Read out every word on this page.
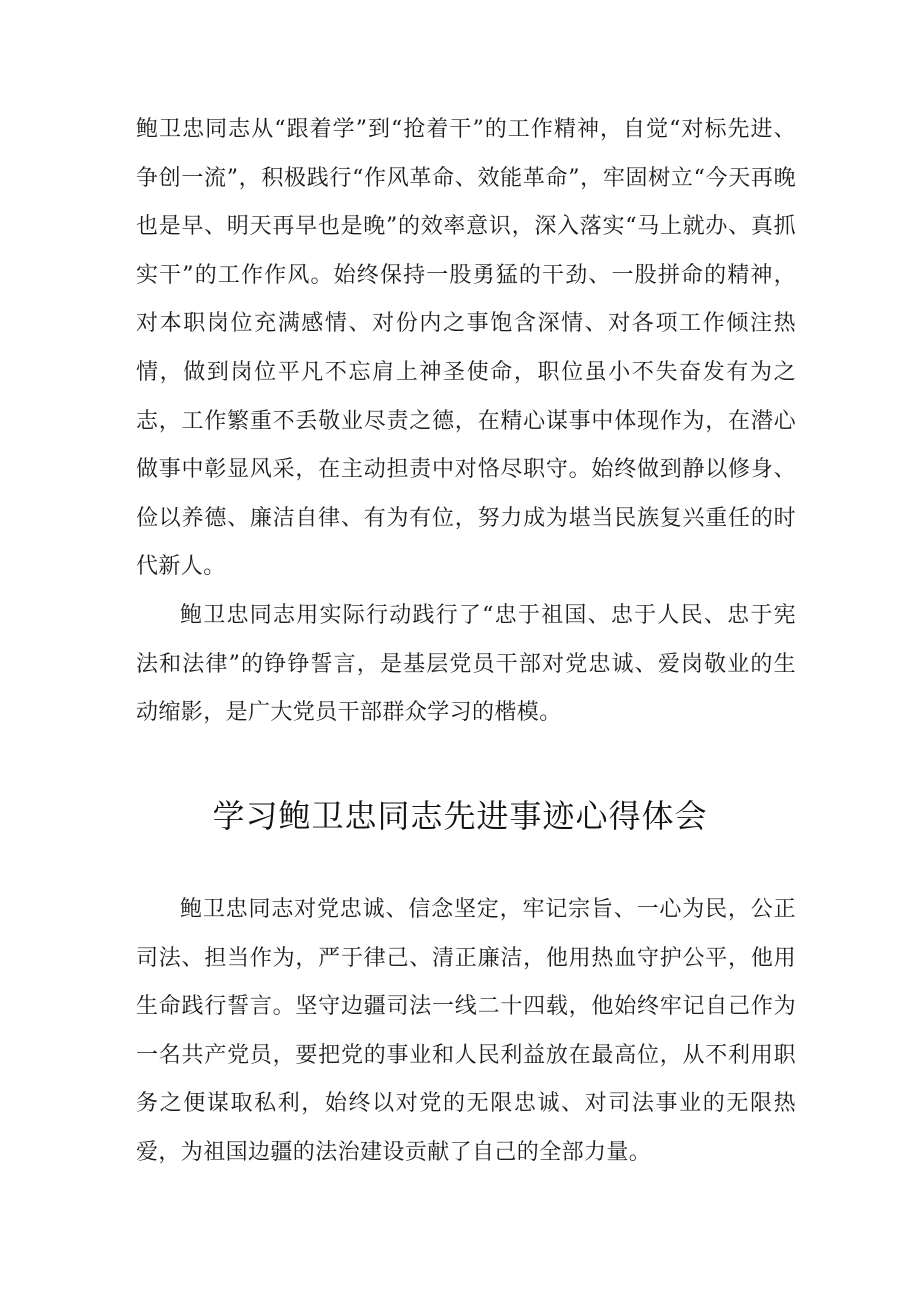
鲍卫忠同志从“跟着学”到“抢着干”的工作精神，自觉“对标先进、争创一流”，积极践行“作风革命、效能革命”，牢固树立“今天再晚也是早、明天再早也是晚”的效率意识，深入落实“马上就办、真抓实干”的工作作风。始终保持一股勇猛的干劲、一股拼命的精神，对本职岗位充满感情、对份内之事饱含深情、对各项工作倾注热情，做到岗位平凡不忘肩上神圣使命，职位虽小不失奋发有为之志，工作繁重不丢敬业尽责之德，在精心谋事中体现作为，在潜心做事中彰显风采，在主动担责中对恪尽职守。始终做到静以修身、俭以养德、廉洁自律、有为有位，努力成为堪当民族复兴重任的时代新人。

鲍卫忠同志用实际行动践行了“忠于祖国、忠于人民、忠于宪法和法律”的铮铮誓言，是基层党员干部对党忠诚、爱岗敬业的生动缩影，是广大党员干部群众学习的楷模。

学习鲍卫忠同志先进事迹心得体会

鲍卫忠同志对党忠诚、信念坚定，牢记宗旨、一心为民，公正司法、担当作为，严于律己、清正廉洁，他用热血守护公平，他用生命践行誓言。坚守边疆司法一线二十四载，他始终牢记自己作为一名共产党员，要把党的事业和人民利益放在最高位，从不利用职务之便谋取私利，始终以对党的无限忠诚、对司法事业的无限热爱，为祖国边疆的法治建设贡献了自己的全部力量。
